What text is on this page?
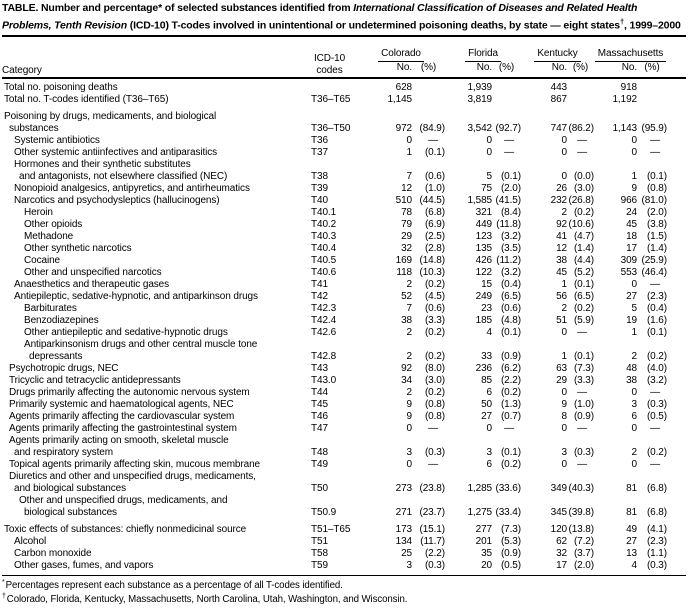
TABLE. Number and percentage* of selected substances identified from International Classification of Diseases and Related Health Problems, Tenth Revision (ICD-10) T-codes involved in unintentional or undetermined poisoning deaths, by state — eight states†, 1999–2000
Category	ICD-10
codes	Colorado		Florida		Kentucky		Massachusetts		
		No.	(%)	No.	(%)	No.	(%)	No.	(%)	

Total no. poisoning deaths		628		1,939		443		918		

Total no. T-codes identified (T36–T65)	T36–T65	1,145		3,819		867		1,192		

Poisoning by drugs, medicaments, and biological
substances	T36–T50	972	(84.9)	3,542	(92.7)	747	(86.2)	1,143	(95.9)	

Systemic antibiotics	T36	0	—	0	—	0	—	0	—	

Other systemic antiinfectives and antiparasitics	T37	1	(0.1)	0	—	0	—	0	—	

Hormones and their synthetic substitutes
and antagonists, not elsewhere classified (NEC)	T38	7	(0.6)	5	(0.1)	0	(0.0)	1	(0.1)	

Nonopioid analgesics, antipyretics, and antirheumatics	T39	12	(1.0)	75	(2.0)	26	(3.0)	9	(0.8)	

Narcotics and psychodysleptics (hallucinogens)	T40	510	(44.5)	1,585	(41.5)	232	(26.8)	966	(81.0)	

Heroin	T40.1	78	(6.8)	321	(8.4)	2	(0.2)	24	(2.0)	

Other opioids	T40.2	79	(6.9)	449	(11.8)	92	(10.6)	45	(3.8)	

Methadone	T40.3	29	(2.5)	123	(3.2)	41	(4.7)	18	(1.5)	

Other synthetic narcotics	T40.4	32	(2.8)	135	(3.5)	12	(1.4)	17	(1.4)	

Cocaine	T40.5	169	(14.8)	426	(11.2)	38	(4.4)	309	(25.9)	

Other and unspecified narcotics	T40.6	118	(10.3)	122	(3.2)	45	(5.2)	553	(46.4)	

Anaesthetics and therapeutic gases	T41	2	(0.2)	15	(0.4)	1	(0.1)	0	—	

Antiepileptic, sedative-hypnotic, and antiparkinson drugs	T42	52	(4.5)	249	(6.5)	56	(6.5)	27	(2.3)	

Barbiturates	T42.3	7	(0.6)	23	(0.6)	2	(0.2)	5	(0.4)	

Benzodiazepines	T42.4	38	(3.3)	185	(4.8)	51	(5.9)	19	(1.6)	

Other antiepileptic and sedative-hypnotic drugs	T42.6	2	(0.2)	4	(0.1)	0	—	1	(0.1)	

Antiparkinsonism drugs and other central muscle tone
depressants	T42.8	2	(0.2)	33	(0.9)	1	(0.1)	2	(0.2)	

Psychotropic drugs, NEC	T43	92	(8.0)	236	(6.2)	63	(7.3)	48	(4.0)	

Tricyclic and tetracyclic antidepressants	T43.0	34	(3.0)	85	(2.2)	29	(3.3)	38	(3.2)	

Drugs primarily affecting the autonomic nervous system	T44	2	(0.2)	6	(0.2)	0	—	0	—	

Primarily systemic and haematological agents, NEC	T45	9	(0.8)	50	(1.3)	9	(1.0)	3	(0.3)	

Agents primarily affecting the cardiovascular system	T46	9	(0.8)	27	(0.7)	8	(0.9)	6	(0.5)	

Agents primarily affecting the gastrointestinal system	T47	0	—	0	—	0	—	0	—	

Agents primarily acting on smooth, skeletal muscle
and respiratory system	T48	3	(0.3)	3	(0.1)	3	(0.3)	2	(0.2)	

Topical agents primarily affecting skin, mucous membrane	T49	0	—	6	(0.2)	0	—	0	—	

Diuretics and other and unspecified drugs, medicaments,
and biological substances	T50	273	(23.8)	1,285	(33.6)	349	(40.3)	81	(6.8)	

Other and unspecified drugs, medicaments, and
biological substances	T50.9	271	(23.7)	1,275	(33.4)	345	(39.8)	81	(6.8)	

Toxic effects of substances: chiefly nonmedicinal source	T51–T65	173	(15.1)	277	(7.3)	120	(13.8)	49	(4.1)	

Alcohol	T51	134	(11.7)	201	(5.3)	62	(7.2)	27	(2.3)	

Carbon monoxide	T58	25	(2.2)	35	(0.9)	32	(3.7)	13	(1.1)	

Other gases, fumes, and vapors	T59	3	(0.3)	20	(0.5)	17	(2.0)	4	(0.3)	
*Percentages represent each substance as a percentage of all T-codes identified.
†Colorado, Florida, Kentucky, Massachusetts, North Carolina, Utah, Washington, and Wisconsin.
